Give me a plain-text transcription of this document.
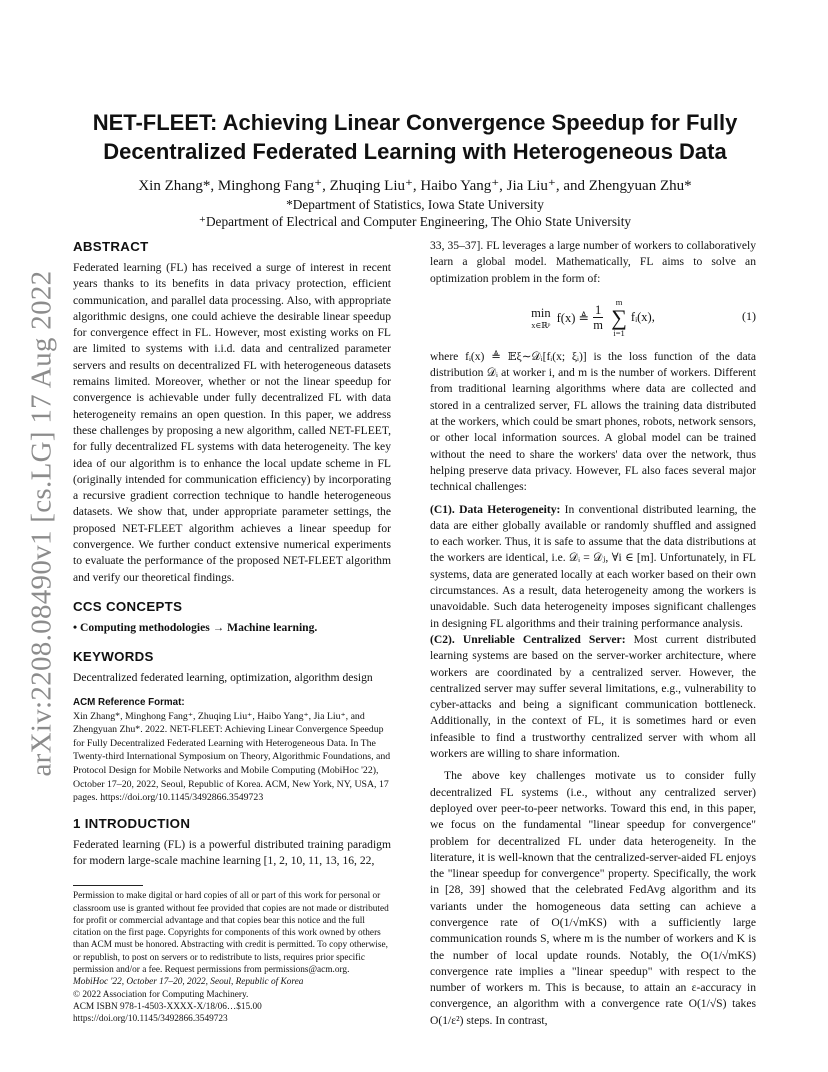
arXiv:2208.08490v1 [cs.LG] 17 Aug 2022
NET-FLEET: Achieving Linear Convergence Speedup for Fully Decentralized Federated Learning with Heterogeneous Data
Xin Zhang*, Minghong Fang⁺, Zhuqing Liu⁺, Haibo Yang⁺, Jia Liu⁺, and Zhengyuan Zhu*
*Department of Statistics, Iowa State University
⁺Department of Electrical and Computer Engineering, The Ohio State University
ABSTRACT

Federated learning (FL) has received a surge of interest in recent years thanks to its benefits in data privacy protection, efficient communication, and parallel data processing. Also, with appropriate algorithmic designs, one could achieve the desirable linear speedup for convergence effect in FL. However, most existing works on FL are limited to systems with i.i.d. data and centralized parameter servers and results on decentralized FL with heterogeneous datasets remains limited. Moreover, whether or not the linear speedup for convergence is achievable under fully decentralized FL with data heterogeneity remains an open question. In this paper, we address these challenges by proposing a new algorithm, called NET-FLEET, for fully decentralized FL systems with data heterogeneity. The key idea of our algorithm is to enhance the local update scheme in FL (originally intended for communication efficiency) by incorporating a recursive gradient correction technique to handle heterogeneous datasets. We show that, under appropriate parameter settings, the proposed NET-FLEET algorithm achieves a linear speedup for convergence. We further conduct extensive numerical experiments to evaluate the performance of the proposed NET-FLEET algorithm and verify our theoretical findings.

CCS CONCEPTS

• Computing methodologies → Machine learning.

KEYWORDS

Decentralized federated learning, optimization, algorithm design

ACM Reference Format:

Xin Zhang*, Minghong Fang⁺, Zhuqing Liu⁺, Haibo Yang⁺, Jia Liu⁺, and Zhengyuan Zhu*. 2022. NET-FLEET: Achieving Linear Convergence Speedup for Fully Decentralized Federated Learning with Heterogeneous Data. In The Twenty-third International Symposium on Theory, Algorithmic Foundations, and Protocol Design for Mobile Networks and Mobile Computing (MobiHoc '22), October 17–20, 2022, Seoul, Republic of Korea. ACM, New York, NY, USA, 17 pages. https://doi.org/10.1145/3492866.3549723

1 INTRODUCTION

Federated learning (FL) is a powerful distributed training paradigm for modern large-scale machine learning [1, 2, 10, 11, 13, 16, 22,

Permission to make digital or hard copies of all or part of this work for personal or classroom use is granted without fee provided that copies are not made or distributed for profit or commercial advantage and that copies bear this notice and the full citation on the first page. Copyrights for components of this work owned by others than ACM must be honored. Abstracting with credit is permitted. To copy otherwise, or republish, to post on servers or to redistribute to lists, requires prior specific permission and/or a fee. Request permissions from permissions@acm.org.

MobiHoc '22, October 17–20, 2022, Seoul, Republic of Korea

© 2022 Association for Computing Machinery.

ACM ISBN 978-1-4503-XXXX-X/18/06…$15.00

https://doi.org/10.1145/3492866.3549723

33, 35–37]. FL leverages a large number of workers to collaboratively learn a global model. Mathematically, FL aims to solve an optimization problem in the form of:

min
x∈ℝᵖ
f(x) ≜ $\frac{1}{m}$
m
∑
i=1
fᵢ(x),	(1)

where fᵢ(x) ≜ 𝔼ξ∼𝒟ᵢ[fᵢ(x; ξᵢ)] is the loss function of the data distribution 𝒟ᵢ at worker i, and m is the number of workers. Different from traditional learning algorithms where data are collected and stored in a centralized server, FL allows the training data distributed at the workers, which could be smart phones, robots, network sensors, or other local information sources. A global model can be trained without the need to share the workers' data over the network, thus helping preserve data privacy. However, FL also faces several major technical challenges:

(C1). Data Heterogeneity: In conventional distributed learning, the data are either globally available or randomly shuffled and assigned to each worker. Thus, it is safe to assume that the data distributions at the workers are identical, i.e. 𝒟ᵢ = 𝒟ⱼ, ∀i ∈ [m]. Unfortunately, in FL systems, data are generated locally at each worker based on their own circumstances. As a result, data heterogeneity among the workers is unavoidable. Such data heterogeneity imposes significant challenges in designing FL algorithms and their training performance analysis.

(C2). Unreliable Centralized Server: Most current distributed learning systems are based on the server-worker architecture, where workers are coordinated by a centralized server. However, the centralized server may suffer several limitations, e.g., vulnerability to cyber-attacks and being a significant communication bottleneck. Additionally, in the context of FL, it is sometimes hard or even infeasible to find a trustworthy centralized server with whom all workers are willing to share information.

The above key challenges motivate us to consider fully decentralized FL systems (i.e., without any centralized server) deployed over peer-to-peer networks. Toward this end, in this paper, we focus on the fundamental "linear speedup for convergence" problem for decentralized FL under data heterogeneity. In the literature, it is well-known that the centralized-server-aided FL enjoys the "linear speedup for convergence" property. Specifically, the work in [28, 39] showed that the celebrated FedAvg algorithm and its variants under the homogeneous data setting can achieve a convergence rate of O(1/√mKS) with a sufficiently large communication rounds S, where m is the number of workers and K is the number of local update rounds. Notably, the O(1/√mKS) convergence rate implies a "linear speedup" with respect to the number of workers m. This is because, to attain an ε-accuracy in convergence, an algorithm with a convergence rate O(1/√S) takes O(1/ε²) steps. In contrast,
